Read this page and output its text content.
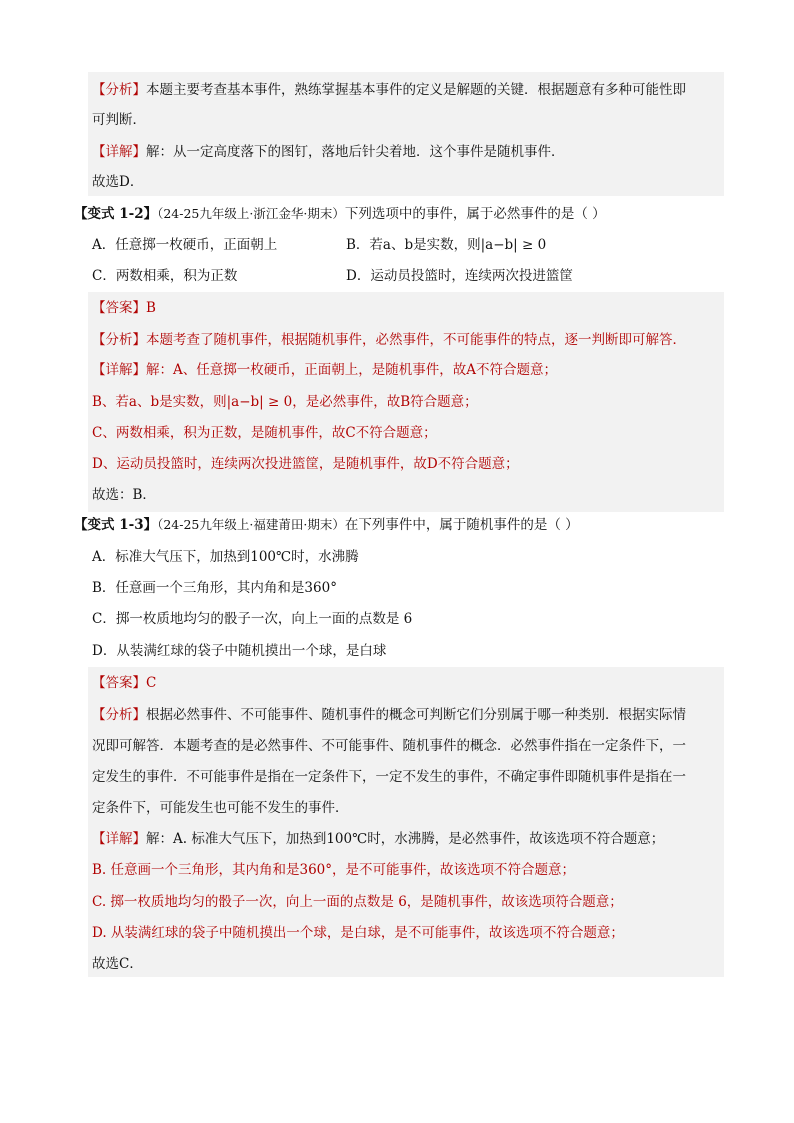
【分析】本题主要考查基本事件，熟练掌握基本事件的定义是解题的关键．根据题意有多种可能性即
可判断．
【详解】解：从一定高度落下的图钉，落地后针尖着地．这个事件是随机事件．
故选D．
【变式 1-2】（24-25九年级上·浙江金华·期末）下列选项中的事件，属于必然事件的是（ ）
A．任意掷一枚硬币，正面朝上	B．若a、b是实数，则|a−b| ≥ 0
C．两数相乘，积为正数	D．运动员投篮时，连续两次投进篮筐
【答案】B
【分析】本题考查了随机事件，根据随机事件，必然事件，不可能事件的特点，逐一判断即可解答．
【详解】解：A、任意掷一枚硬币，正面朝上，是随机事件，故A不符合题意；
B、若a、b是实数，则|a−b| ≥ 0，是必然事件，故B符合题意；
C、两数相乘，积为正数，是随机事件，故C不符合题意；
D、运动员投篮时，连续两次投进篮筐，是随机事件，故D不符合题意；
故选：B．
【变式 1-3】（24-25九年级上·福建莆田·期末）在下列事件中，属于随机事件的是（ ）
A．标准大气压下，加热到100℃时，水沸腾
B．任意画一个三角形，其内角和是360°
C．掷一枚质地均匀的骰子一次，向上一面的点数是 6
D．从装满红球的袋子中随机摸出一个球，是白球
【答案】C
【分析】根据必然事件、不可能事件、随机事件的概念可判断它们分别属于哪一种类别．根据实际情
况即可解答．本题考查的是必然事件、不可能事件、随机事件的概念．必然事件指在一定条件下，一
定发生的事件．不可能事件是指在一定条件下，一定不发生的事件，不确定事件即随机事件是指在一
定条件下，可能发生也可能不发生的事件．
【详解】解：A. 标准大气压下，加热到100℃时，水沸腾，是必然事件，故该选项不符合题意；
B. 任意画一个三角形，其内角和是360°，是不可能事件，故该选项不符合题意；
C. 掷一枚质地均匀的骰子一次，向上一面的点数是 6，是随机事件，故该选项符合题意；
D. 从装满红球的袋子中随机摸出一个球，是白球，是不可能事件，故该选项不符合题意；
故选C．
